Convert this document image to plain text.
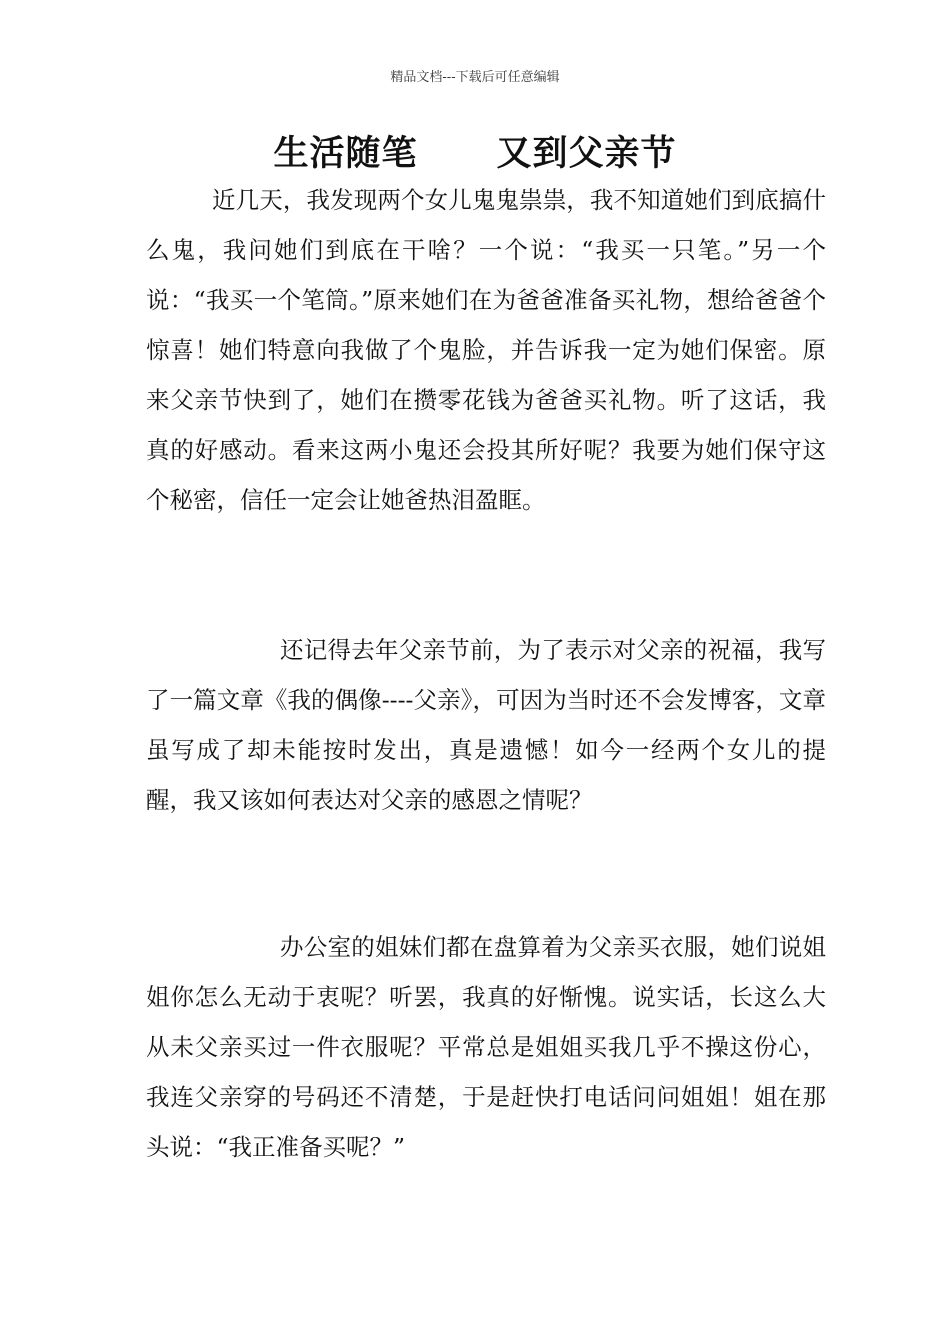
精品文档---下载后可任意编辑
生活随笔      又到父亲节

近几天，我发现两个女儿鬼鬼祟祟，我不知道她们到底搞什么鬼，我问她们到底在干啥？一个说：“我买一只笔。”另一个说：“我买一个笔筒。”原来她们在为爸爸准备买礼物，想给爸爸个惊喜！她们特意向我做了个鬼脸，并告诉我一定为她们保密。原来父亲节快到了，她们在攒零花钱为爸爸买礼物。听了这话，我真的好感动。看来这两小鬼还会投其所好呢？我要为她们保守这个秘密，信任一定会让她爸热泪盈眶。

还记得去年父亲节前，为了表示对父亲的祝福，我写了一篇文章《我的偶像----父亲》，可因为当时还不会发博客，文章虽写成了却未能按时发出，真是遗憾！如今一经两个女儿的提醒，我又该如何表达对父亲的感恩之情呢？

办公室的姐妹们都在盘算着为父亲买衣服，她们说姐姐你怎么无动于衷呢？听罢，我真的好惭愧。说实话，长这么大从未父亲买过一件衣服呢？平常总是姐姐买我几乎不操这份心，我连父亲穿的号码还不清楚，于是赶快打电话问问姐姐！姐在那头说：“我正准备买呢？”
